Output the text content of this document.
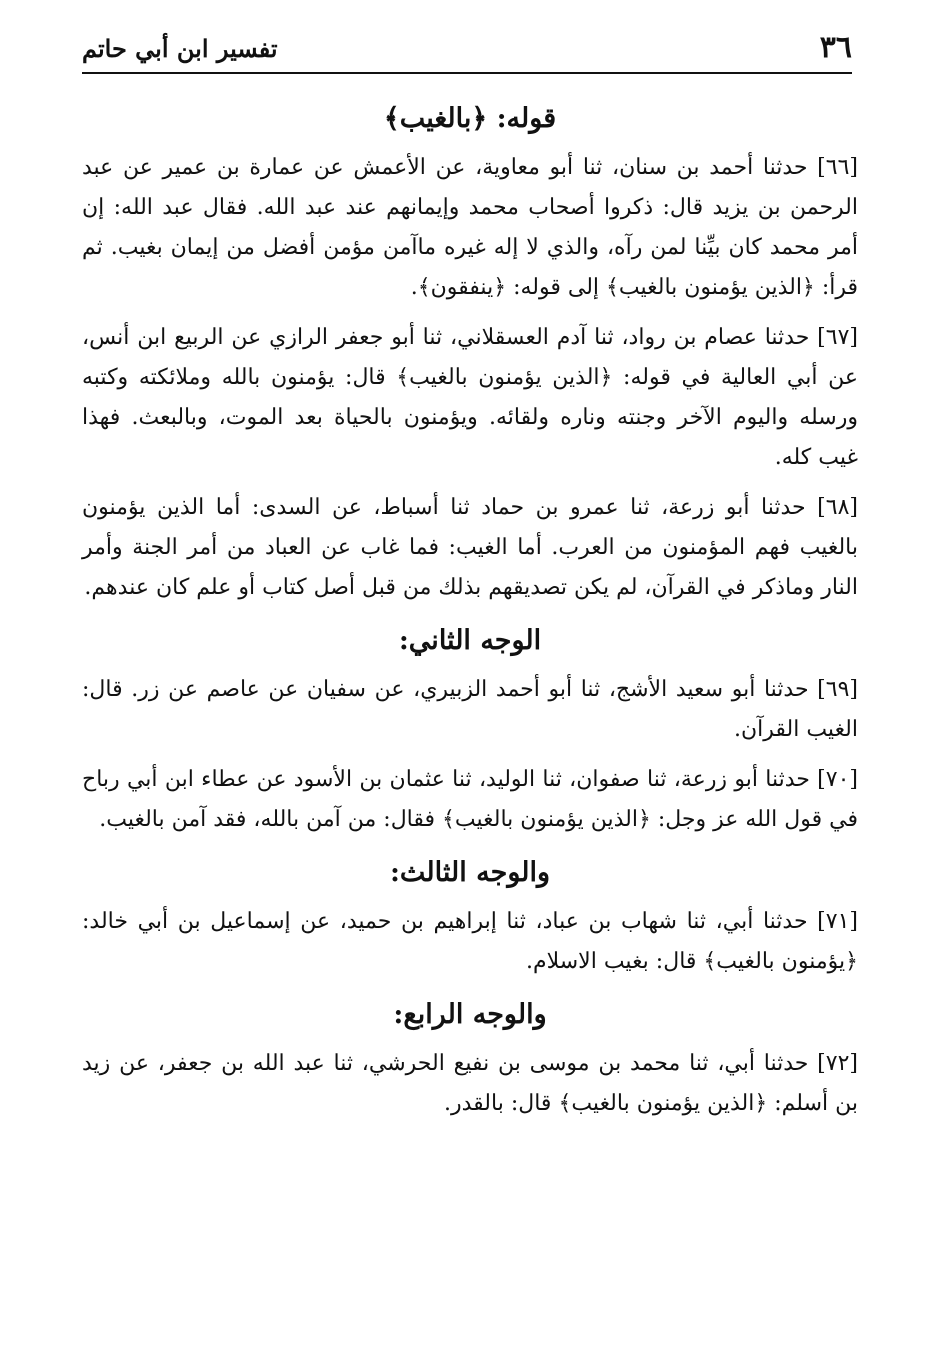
٣٦
تفسير ابن أبي حاتم
قوله: ﴿بالغيب﴾

[٦٦] حدثنا أحمد بن سنان، ثنا أبو معاوية، عن الأعمش عن عمارة بن عمير عن عبد الرحمن بن يزيد قال: ذكروا أصحاب محمد وإيمانهم عند عبد الله. فقال عبد الله: إن أمر محمد كان بيِّنا لمن رآه، والذي لا إله غيره ماآمن مؤمن أفضل من إيمان بغيب. ثم قرأ: ﴿الذين يؤمنون بالغيب﴾ إلى قوله: ﴿ينفقون﴾.

[٦٧] حدثنا عصام بن رواد، ثنا آدم العسقلاني، ثنا أبو جعفر الرازي عن الربيع ابن أنس، عن أبي العالية في قوله: ﴿الذين يؤمنون بالغيب﴾ قال: يؤمنون بالله وملائكته وكتبه ورسله واليوم الآخر وجنته وناره ولقائه. ويؤمنون بالحياة بعد الموت، وبالبعث. فهذا غيب كله.

[٦٨] حدثنا أبو زرعة، ثنا عمرو بن حماد ثنا أسباط، عن السدى: أما الذين يؤمنون بالغيب فهم المؤمنون من العرب. أما الغيب: فما غاب عن العباد من أمر الجنة وأمر النار وماذكر في القرآن، لم يكن تصديقهم بذلك من قبل أصل كتاب أو علم كان عندهم.

الوجه الثاني:

[٦٩] حدثنا أبو سعيد الأشج، ثنا أبو أحمد الزبيري، عن سفيان عن عاصم عن زر. قال: الغيب القرآن.

[٧٠] حدثنا أبو زرعة، ثنا صفوان، ثنا الوليد، ثنا عثمان بن الأسود عن عطاء ابن أبي رباح في قول الله عز وجل: ﴿الذين يؤمنون بالغيب﴾ فقال: من آمن بالله، فقد آمن بالغيب.

والوجه الثالث:

[٧١] حدثنا أبي، ثنا شهاب بن عباد، ثنا إبراهيم بن حميد، عن إسماعيل بن أبي خالد: ﴿يؤمنون بالغيب﴾ قال: بغيب الاسلام.

والوجه الرابع:

[٧٢] حدثنا أبي، ثنا محمد بن موسى بن نفيع الحرشي، ثنا عبد الله بن جعفر، عن زيد بن أسلم: ﴿الذين يؤمنون بالغيب﴾ قال: بالقدر.
